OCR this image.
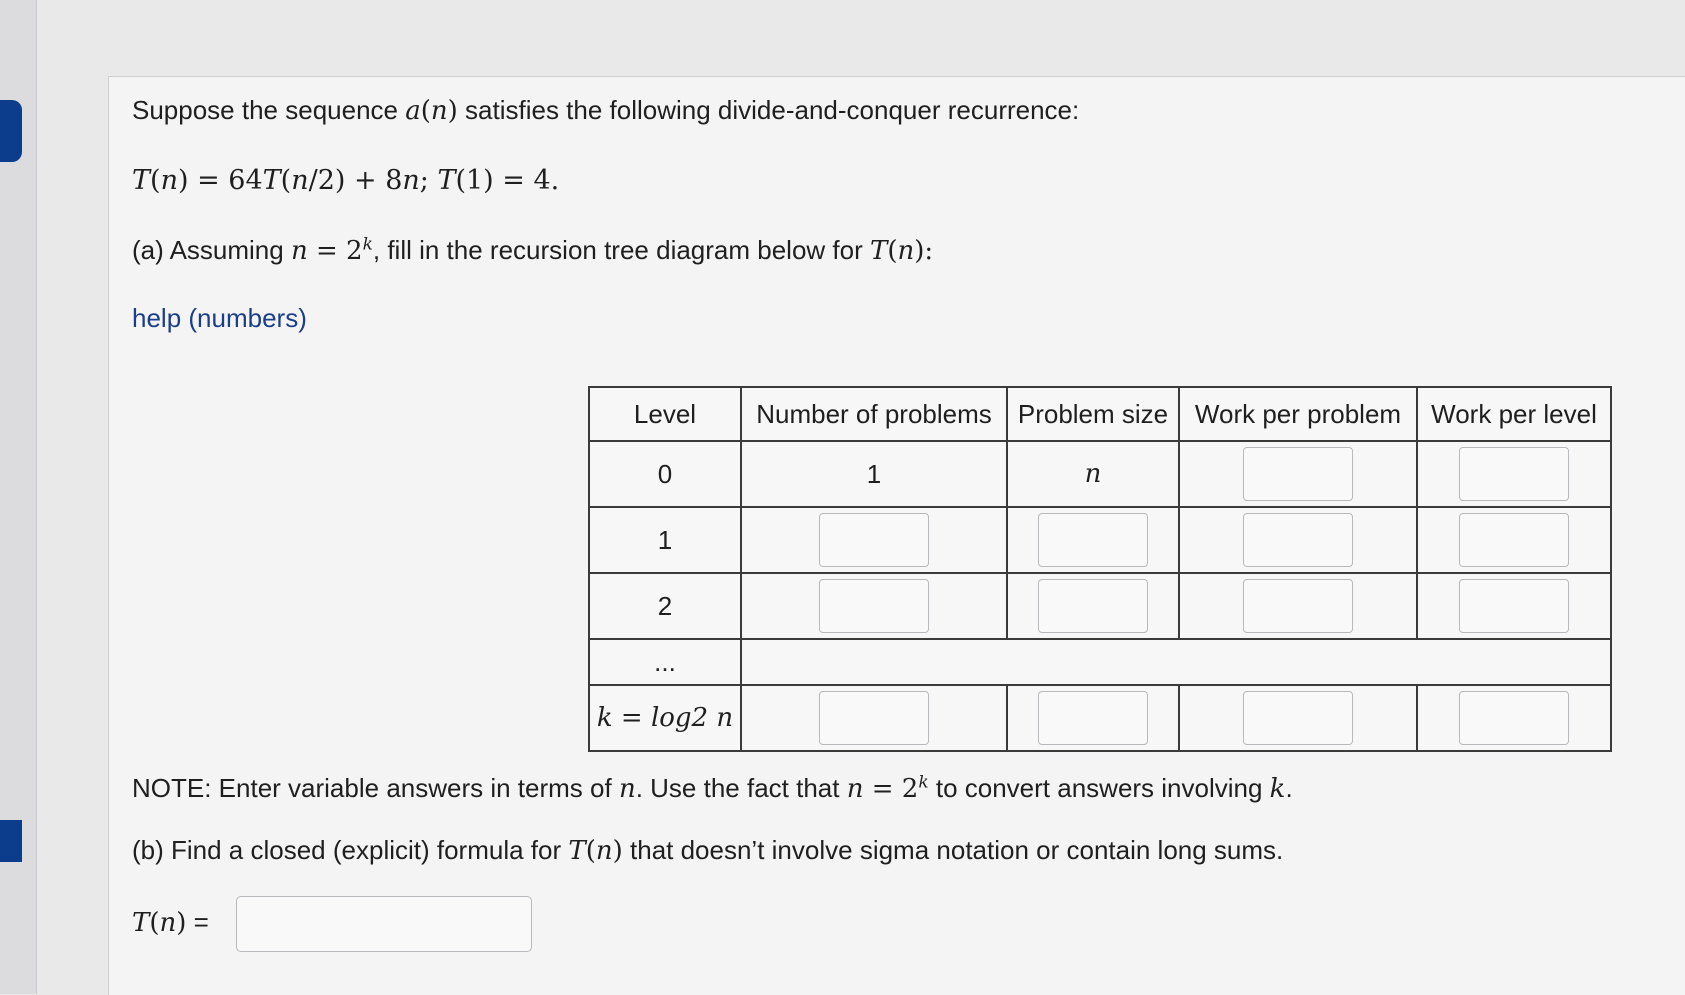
Suppose the sequence a(n) satisfies the following divide-and-conquer recurrence:
T(n) = 64T(n/2) + 8n; T(1) = 4.
(a) Assuming $n = 2^k$, fill in the recursion tree diagram below for T(n):
help (numbers)
Level	Number of problems	Problem size	Work per problem	Work per level
0	1	n		
1				
2				
...				
k = log2 n				
NOTE: Enter variable answers in terms of n. Use the fact that $n = 2^k$ to convert answers involving k.
(b) Find a closed (explicit) formula for T(n) that doesn’t involve sigma notation or contain long sums.
T(n) =
